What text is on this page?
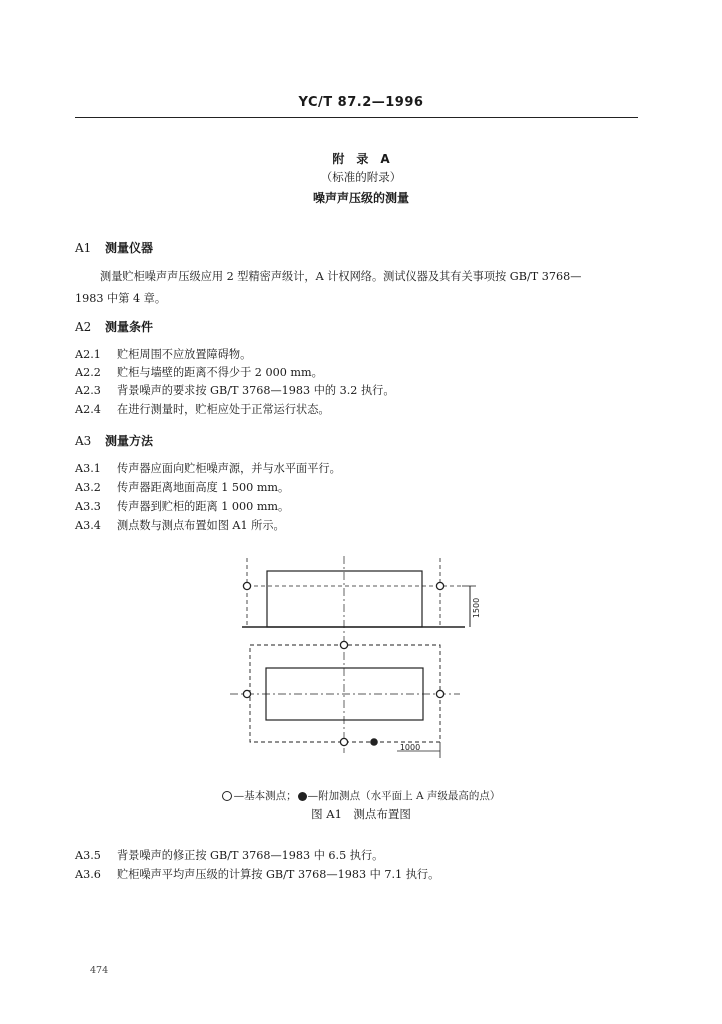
YC/T 87.2—1996
附　录　A
（标准的附录）
噪声声压级的测量
A1 测量仪器
测量贮柜噪声声压级应用 2 型精密声级计，A 计权网络。测试仪器及其有关事项按 GB/T 3768—
1983 中第 4 章。
A2 测量条件
A2.1 贮柜周围不应放置障碍物。
A2.2 贮柜与墙壁的距离不得少于 2 000 mm。
A2.3 背景噪声的要求按 GB/T 3768—1983 中的 3.2 执行。
A2.4 在进行测量时，贮柜应处于正常运行状态。
A3 测量方法
A3.1 传声器应面向贮柜噪声源，并与水平面平行。
A3.2 传声器距离地面高度 1 500 mm。
A3.3 传声器到贮柜的距离 1 000 mm。
A3.4 测点数与测点布置如图 A1 所示。
1500
1000
—基本测点； —附加测点（水平面上 A 声级最高的点）
图 A1　测点布置图
A3.5 背景噪声的修正按 GB/T 3768—1983 中 6.5 执行。
A3.6 贮柜噪声平均声压级的计算按 GB/T 3768—1983 中 7.1 执行。
474
